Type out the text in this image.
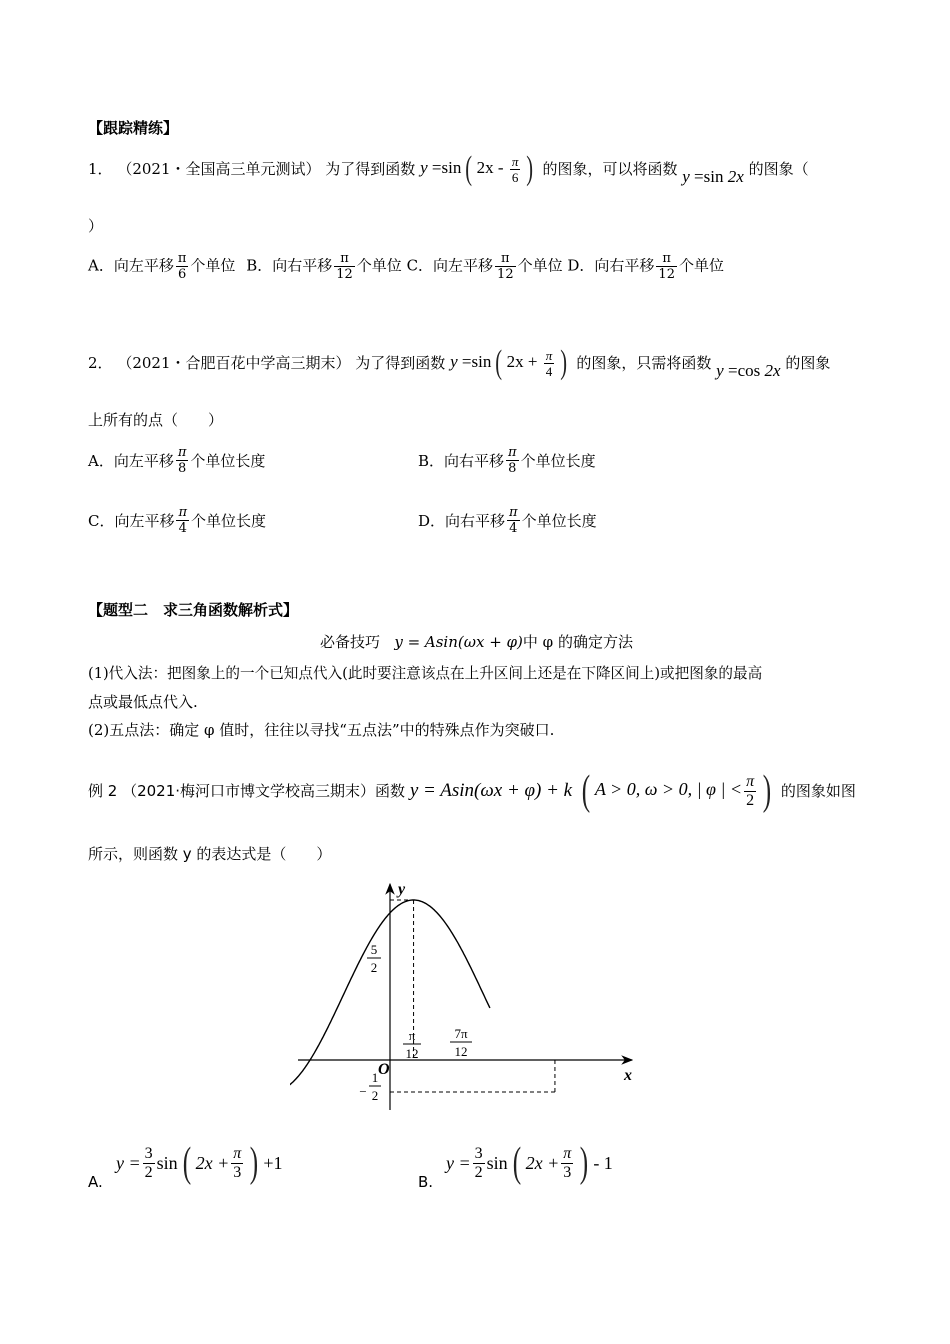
【跟踪精练】
1． （2021・全国高三单元测试） 为了得到函数 y =sin ( $2x - \frac{\pi}{6}$ ) 的图象，可以将函数 y =sin 2x 的图象（
）
A．向左平移 $\frac{\pi}{6}$ 个单位 B．向右平移 $\frac{\pi}{12}$ 个单位 C．向左平移 $\frac{\pi}{12}$ 个单位 D．向右平移 $\frac{\pi}{12}$ 个单位
2． （2021・合肥百花中学高三期末） 为了得到函数 y =sin ( $2x + \frac{\pi}{4}$ ) 的图象，只需将函数 y =cos 2x 的图象
上所有的点（　　）
A．向左平移 $\frac{\pi}{8}$ 个单位长度	B．向右平移 $\frac{\pi}{8}$ 个单位长度
C．向左平移 $\frac{\pi}{4}$ 个单位长度	D．向右平移 $\frac{\pi}{4}$ 个单位长度
【题型二　求三角函数解析式】
必备技巧 y = Asin(ωx + φ)中 φ 的确定方法
(1)代入法：把图象上的一个已知点代入(此时要注意该点在上升区间上还是在下降区间上)或把图象的最高
点或最低点代入.
(2)五点法：确定 φ 值时，往往以寻找“五点法”中的特殊点作为突破口.
例 2 （2021·梅河口市博文学校高三期末）函数 y = Asin(ωx + φ) + k ( A > 0, ω > 0, | φ | < $\frac{\pi}{2}$ ) 的图象如图
所示，则函数 y 的表达式是（　　）
y
x
O
5
2
−
1
2
π
12
7π
12
A.
$y = \frac{3}{2}$ sin ( $2x + \frac{\pi}{3}$ ) +1
B.
$y = \frac{3}{2}$ sin ( $2x + \frac{\pi}{3}$ ) - 1
